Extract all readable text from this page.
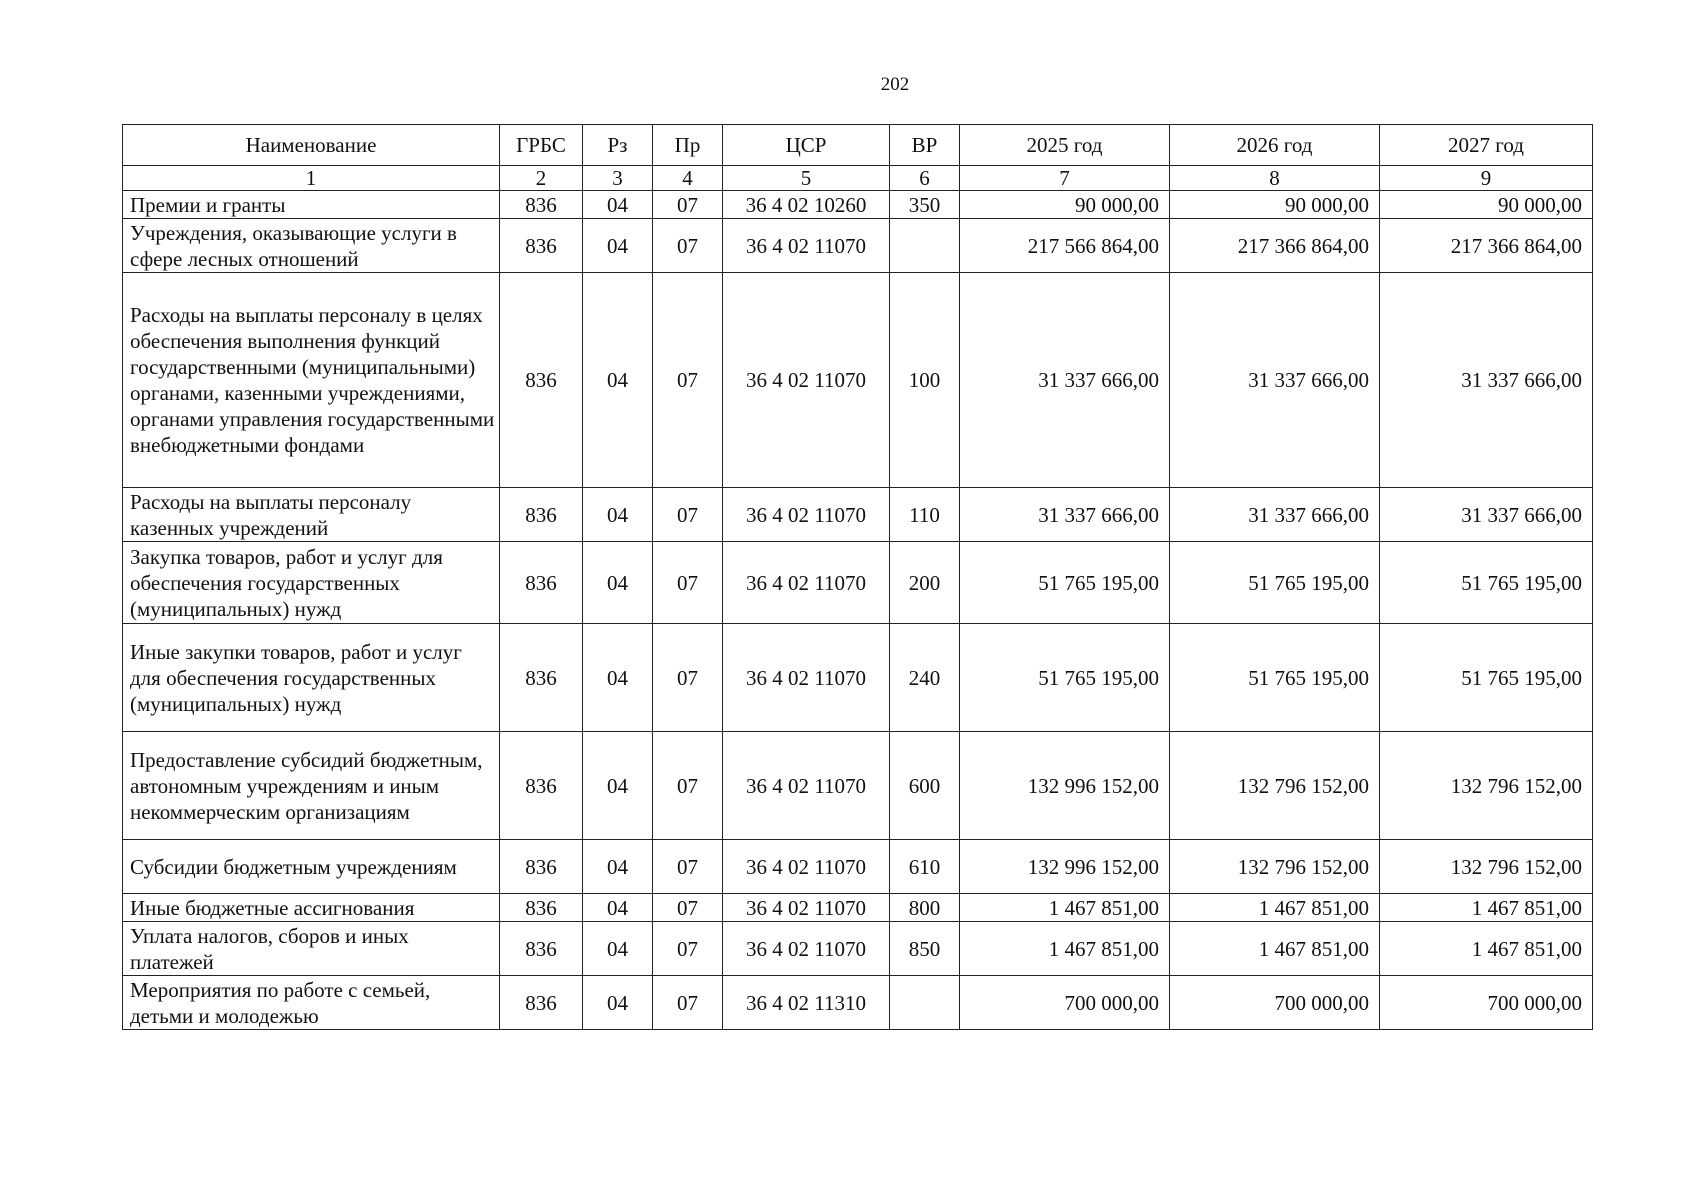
202
Наименование	ГРБС	Рз	Пр	ЦСР	ВР	2025 год	2026 год	2027 год
1	2	3	4	5	6	7	8	9
Премии и гранты	836	04	07	36 4 02 10260	350	90 000,00	90 000,00	90 000,00
Учреждения, оказывающие услуги в сфере лесных отношений	836	04	07	36 4 02 11070		217 566 864,00	217 366 864,00	217 366 864,00
Расходы на выплаты персоналу в целях обеспечения выполнения функций государственными (муниципальными) органами, казенными учреждениями, органами управления государственными внебюджетными фондами	836	04	07	36 4 02 11070	100	31 337 666,00	31 337 666,00	31 337 666,00
Расходы на выплаты персоналу казенных учреждений	836	04	07	36 4 02 11070	110	31 337 666,00	31 337 666,00	31 337 666,00
Закупка товаров, работ и услуг для обеспечения государственных (муниципальных) нужд	836	04	07	36 4 02 11070	200	51 765 195,00	51 765 195,00	51 765 195,00
Иные закупки товаров, работ и услуг для обеспечения государственных (муниципальных) нужд	836	04	07	36 4 02 11070	240	51 765 195,00	51 765 195,00	51 765 195,00
Предоставление субсидий бюджетным, автономным учреждениям и иным некоммерческим организациям	836	04	07	36 4 02 11070	600	132 996 152,00	132 796 152,00	132 796 152,00
Субсидии бюджетным учреждениям	836	04	07	36 4 02 11070	610	132 996 152,00	132 796 152,00	132 796 152,00
Иные бюджетные ассигнования	836	04	07	36 4 02 11070	800	1 467 851,00	1 467 851,00	1 467 851,00
Уплата налогов, сборов и иных платежей	836	04	07	36 4 02 11070	850	1 467 851,00	1 467 851,00	1 467 851,00
Мероприятия по работе с семьей, детьми и молодежью	836	04	07	36 4 02 11310		700 000,00	700 000,00	700 000,00
